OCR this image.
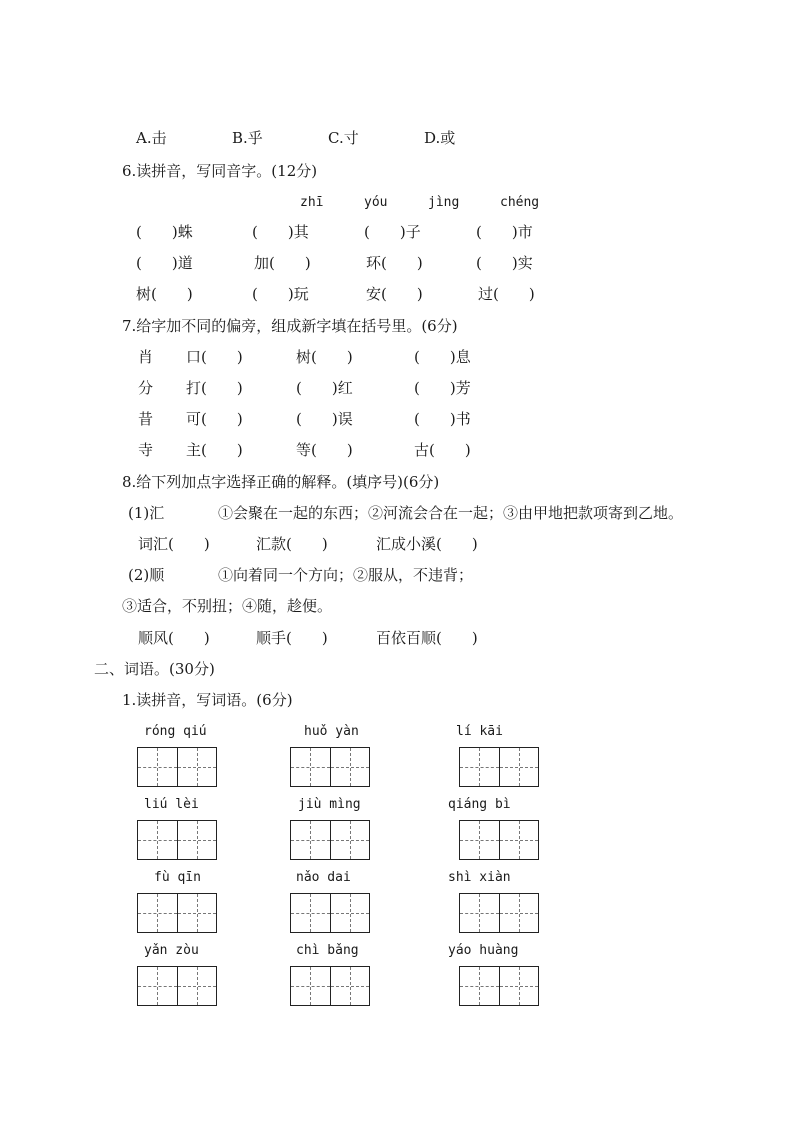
A.击	B.乎	C.寸	D.或
6.读拼音，写同音字。(12分)
zhī	yóu	jìng	chéng
(　　)蛛	(　　)其	(　　)子	(　　)市
(　　)道	加(　　)	环(　　)	(　　)实
树(　　)	(　　)玩	安(　　)	过(　　)
7.给字加不同的偏旁，组成新字填在括号里。(6分)
肖 口(　　)	树(　　)	(　　)息
分 打(　　)	(　　)红	(　　)芳
昔 可(　　)	(　　)误	(　　)书
寺 主(　　)	等(　　)	古(　　)
8.给下列加点字选择正确的解释。(填序号)(6分)
(1)汇	①会聚在一起的东西；②河流会合在一起；③由甲地把款项寄到乙地。
词汇(　　)	汇款(　　)	汇成小溪(　　)
(2)顺	①向着同一个方向；②服从，不违背；
③适合，不别扭；④随，趁便。
顺风(　　)	顺手(　　)	百依百顺(　　)
二、词语。(30分)
1.读拼音，写词语。(6分)
róng qiú	huǒ yàn	lí kāi
liú lèi	jiù mìng	qiáng bì
fù qīn	nǎo dai	shì xiàn
yǎn zòu	chì bǎng	yáo huàng
